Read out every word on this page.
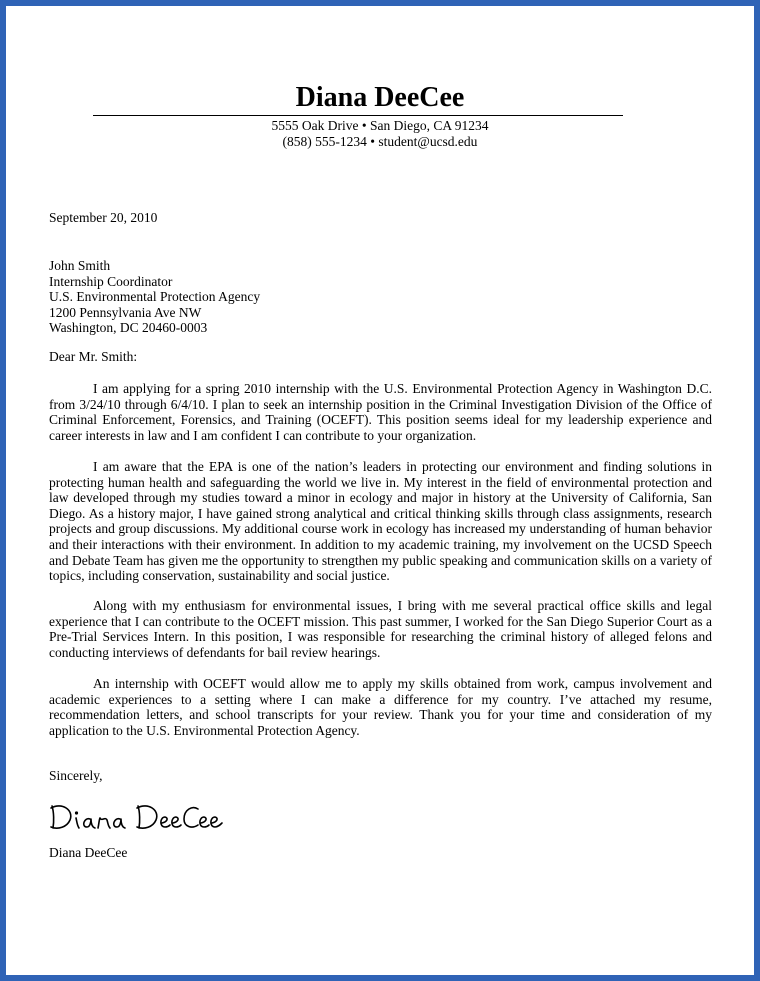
Diana DeeCee
5555 Oak Drive • San Diego, CA 91234
(858) 555-1234 • student@ucsd.edu
September 20, 2010
John Smith
Internship Coordinator
U.S. Environmental Protection Agency
1200 Pennsylvania Ave NW
Washington, DC 20460-0003
Dear Mr. Smith:

I am applying for a spring 2010 internship with the U.S. Environmental Protection Agency in Washington D.C. from 3/24/10 through 6/4/10. I plan to seek an internship position in the Criminal Investigation Division of the Office of Criminal Enforcement, Forensics, and Training (OCEFT). This position seems ideal for my leadership experience and career interests in law and I am confident I can contribute to your organization.

I am aware that the EPA is one of the nation’s leaders in protecting our environment and finding solutions in protecting human health and safeguarding the world we live in. My interest in the field of environmental protection and law developed through my studies toward a minor in ecology and major in history at the University of California, San Diego. As a history major, I have gained strong analytical and critical thinking skills through class assignments, research projects and group discussions. My additional course work in ecology has increased my understanding of human behavior and their interactions with their environment. In addition to my academic training, my involvement on the UCSD Speech and Debate Team has given me the opportunity to strengthen my public speaking and communication skills on a variety of topics, including conservation, sustainability and social justice.

Along with my enthusiasm for environmental issues, I bring with me several practical office skills and legal experience that I can contribute to the OCEFT mission. This past summer, I worked for the San Diego Superior Court as a Pre-Trial Services Intern. In this position, I was responsible for researching the criminal history of alleged felons and conducting interviews of defendants for bail review hearings.

An internship with OCEFT would allow me to apply my skills obtained from work, campus involvement and academic experiences to a setting where I can make a difference for my country. I’ve attached my resume, recommendation letters, and school transcripts for your review. Thank you for your time and consideration of my application to the U.S. Environmental Protection Agency.

Sincerely,
Diana DeeCee
